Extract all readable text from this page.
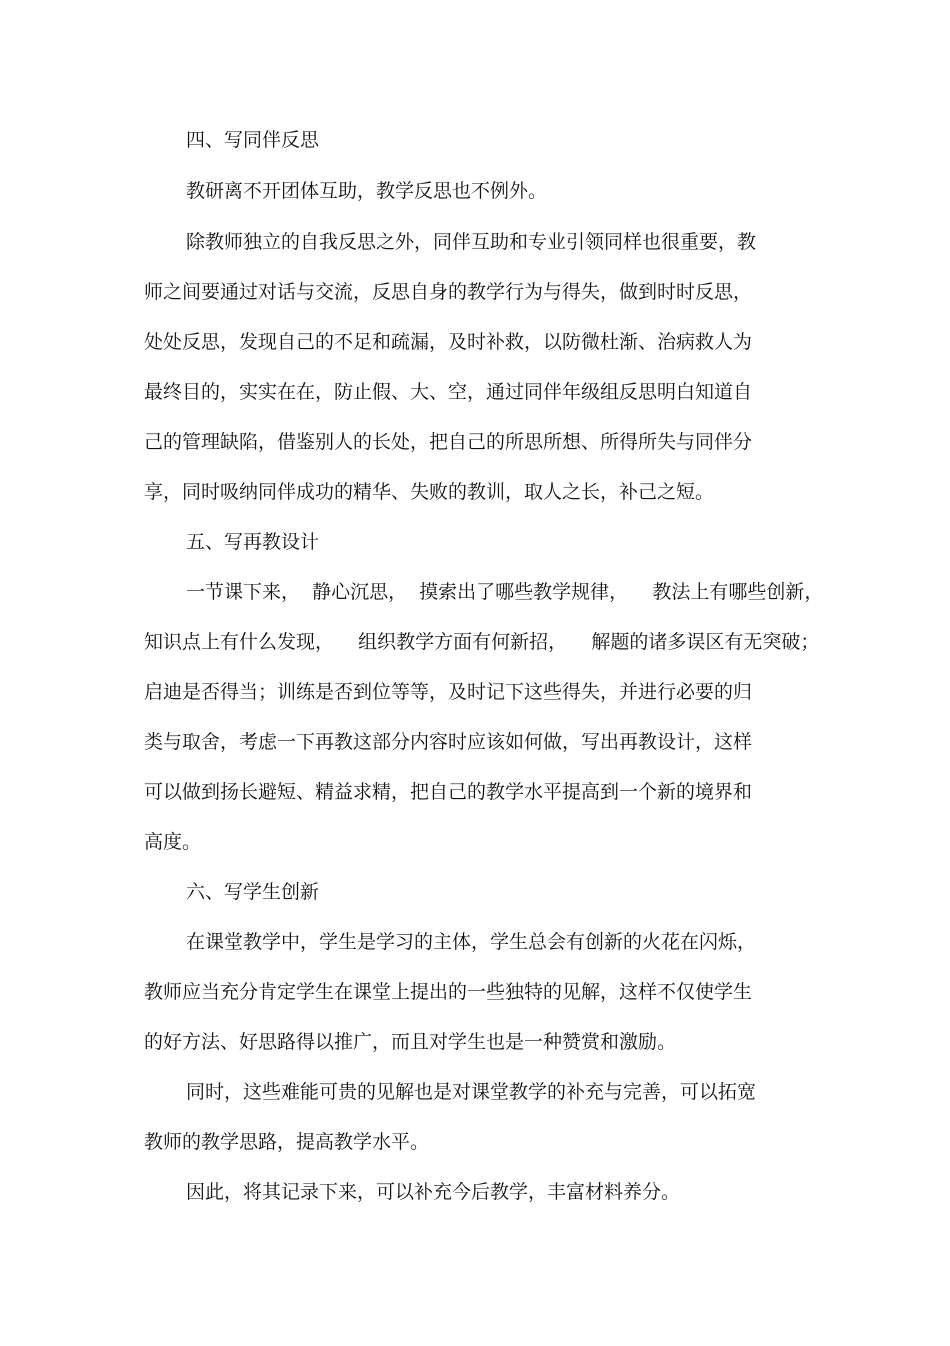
四、写同伴反思
教研离不开团体互助，教学反思也不例外。
除教师独立的自我反思之外，同伴互助和专业引领同样也很重要，教
师之间要通过对话与交流，反思自身的教学行为与得失，做到时时反思，
处处反思，发现自己的不足和疏漏，及时补救，以防微杜渐、治病救人为
最终目的，实实在在，防止假、大、空，通过同伴年级组反思明白知道自
己的管理缺陷，借鉴别人的长处，把自己的所思所想、所得所失与同伴分
享，同时吸纳同伴成功的精华、失败的教训，取人之长，补己之短。
五、写再教设计
一节课下来，  静心沉思，  摸索出了哪些教学规律，    教法上有哪些创新，
知识点上有什么发现，    组织教学方面有何新招，    解题的诸多误区有无突破；
启迪是否得当；训练是否到位等等，及时记下这些得失，并进行必要的归
类与取舍，考虑一下再教这部分内容时应该如何做，写出再教设计，这样
可以做到扬长避短、精益求精，把自己的教学水平提高到一个新的境界和
高度。
六、写学生创新
在课堂教学中，学生是学习的主体，学生总会有创新的火花在闪烁，
教师应当充分肯定学生在课堂上提出的一些独特的见解，这样不仅使学生
的好方法、好思路得以推广，而且对学生也是一种赞赏和激励。
同时，这些难能可贵的见解也是对课堂教学的补充与完善，可以拓宽
教师的教学思路，提高教学水平。
因此，将其记录下来，可以补充今后教学，丰富材料养分。
